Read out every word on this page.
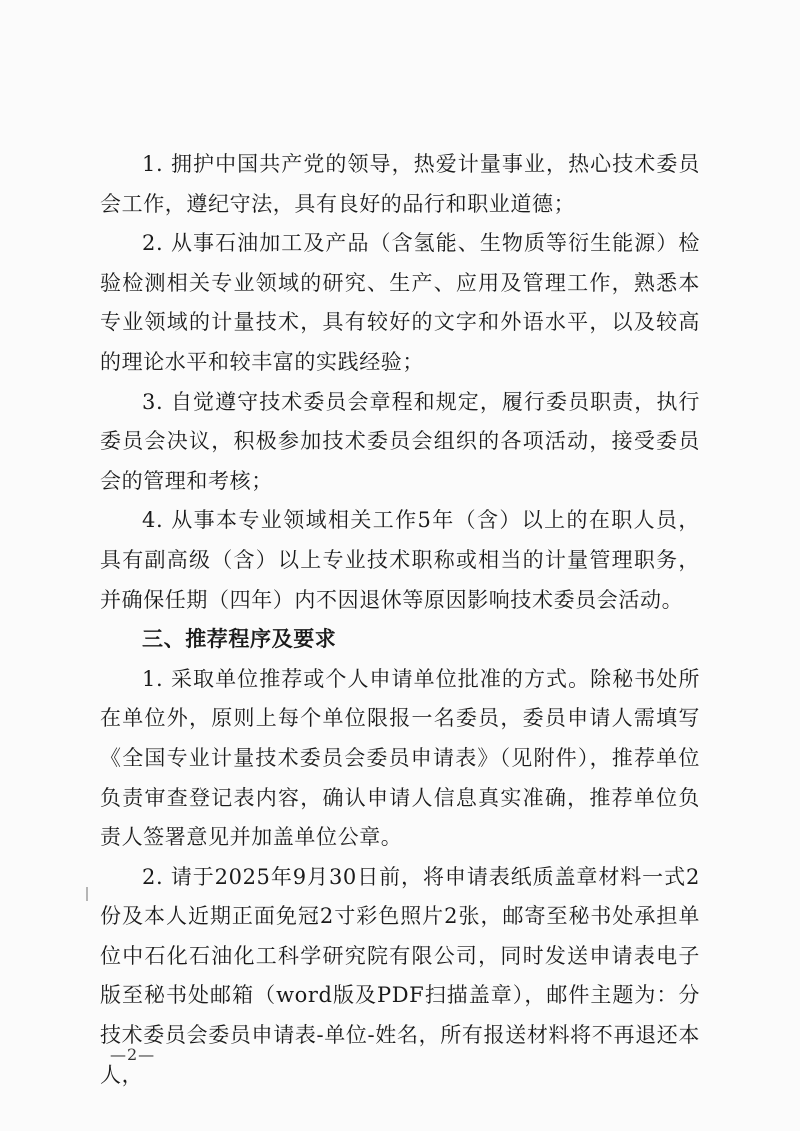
1. 拥护中国共产党的领导，热爱计量事业，热心技术委员会工作，遵纪守法，具有良好的品行和职业道德；

2. 从事石油加工及产品（含氢能、生物质等衍生能源）检验检测相关专业领域的研究、生产、应用及管理工作，熟悉本专业领域的计量技术，具有较好的文字和外语水平，以及较高的理论水平和较丰富的实践经验；

3. 自觉遵守技术委员会章程和规定，履行委员职责，执行委员会决议，积极参加技术委员会组织的各项活动，接受委员会的管理和考核；

4. 从事本专业领域相关工作5年（含）以上的在职人员，具有副高级（含）以上专业技术职称或相当的计量管理职务，并确保任期（四年）内不因退休等原因影响技术委员会活动。

三、推荐程序及要求

1. 采取单位推荐或个人申请单位批准的方式。除秘书处所在单位外，原则上每个单位限报一名委员，委员申请人需填写《全国专业计量技术委员会委员申请表》（见附件），推荐单位负责审查登记表内容，确认申请人信息真实准确，推荐单位负责人签署意见并加盖单位公章。

2. 请于2025年9月30日前，将申请表纸质盖章材料一式2份及本人近期正面免冠2寸彩色照片2张，邮寄至秘书处承担单位中石化石油化工科学研究院有限公司，同时发送申请表电子版至秘书处邮箱（word版及PDF扫描盖章），邮件主题为：分技术委员会委员申请表-单位-姓名，所有报送材料将不再退还本人，

—2—
